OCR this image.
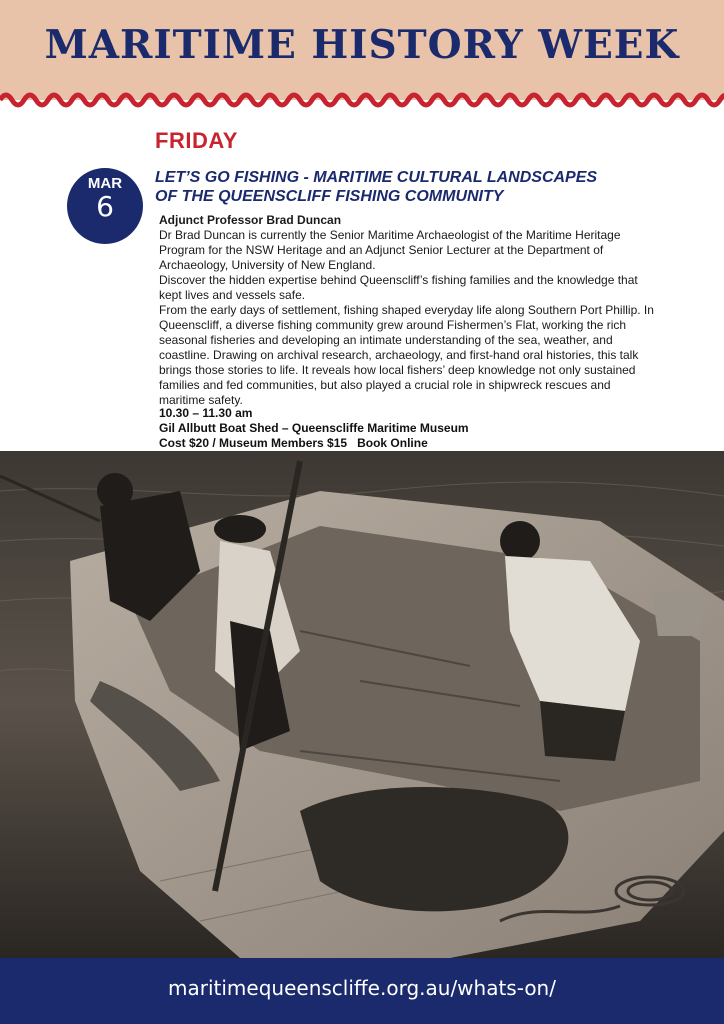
MARITIME HISTORY WEEK
FRIDAY
MAR
6
LET’S GO FISHING - MARITIME CULTURAL LANDSCAPES
OF THE QUEENSCLIFF FISHING COMMUNITY

Adjunct Professor Brad Duncan

Dr Brad Duncan is currently the Senior Maritime Archaeologist of the Maritime Heritage Program for the NSW Heritage and an Adjunct Senior Lecturer at the Department of Archaeology, University of New England.

Discover the hidden expertise behind Queenscliff’s fishing families and the knowledge that kept lives and vessels safe.

From the early days of settlement, fishing shaped everyday life along Southern Port Phillip. In Queenscliff, a diverse fishing community grew around Fishermen’s Flat, working the rich seasonal fisheries and developing an intimate understanding of the sea, weather, and coastline. Drawing on archival research, archaeology, and first-hand oral histories, this talk brings those stories to life. It reveals how local fishers’ deep knowledge not only sustained families and fed communities, but also played a crucial role in shipwreck rescues and maritime safety.

10.30 – 11.30 am

Gil Allbutt Boat Shed – Queenscliffe Maritime Museum

Cost $20 / Museum Members $15 Book Online

maritimequeenscliffe.org.au/whats-on/
